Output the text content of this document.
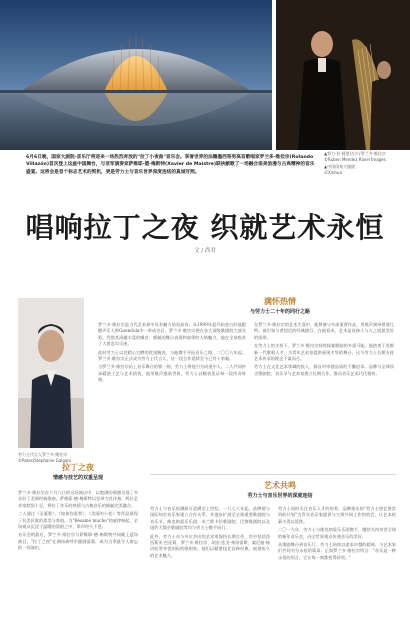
▲努力·拉·阿里(左)与罗兰多·维拉宗
©Ruben Mendez Ravel Images
▲中国国家大剧院
©Xinhua
6月6日晚，国家大剧院-音乐厅将迎来一场热烈奔放的"拉丁小夜曲"音乐会。享誉世界的法籍墨西哥男高音歌唱家罗兰多·维拉宗(Rolando Villazón)首次登上这座中国舞台，与亚军演奏家萨维耶·德·梅斯特(Xavier de Maistre)联袂献歌了一场融合南美浪漫与古典精神的音乐盛宴。这将会是首个标志艺术的契机，更是劳力士与音乐世界深度连结的真诚写照。
唱响拉丁之夜 织就艺术永恒
文 / 尚君
劳力士代言人罗兰多·维拉宗
©Rolex/Stephanie Galgani
满怀热情
与劳力士二十年的同行之路

罗兰多·维拉宗是当代艺术界中具有魅力的男高音。从1999年起开始登台的他跟随声乐大师Guendola中一举成名后，罗兰多·维拉宗便在各大顶级歌剧院大放光彩，凭借其清澈丰富的嗓音、细腻的舞台表现和真挚的人格魅力，他在全球收获了大批忠实乐迷。

此时劳力士以其精心打磨的优质腕表，与他携手开拓音乐之路，二〇〇八年起，罗兰多·维拉宗正式成为劳力士代言人，这一段合作延续至今已有十余载。

当罗兰多·维拉宗站上音乐舞台的那一刻，劳力士将他引为同道中人。二人共同传承精湛工艺与艺术热忱，他用歌声感染世界，劳力士以腕表见证每一段传奇时刻。

在罗兰多·维拉宗的艺术生涯中，他曾参与多部重要作品，用歌声演绎着莫扎特、威尔第与普契尼的经典剧目。在他看来，艺术是连接人与人之间最美好的纽带。

在劳力士的支持下，罗兰多·维拉宗持续探索歌剧的多重可能。他热衷于发掘新一代歌唱人才，为青年艺术家提供展现才华的舞台，这与劳力士长期支持艺术传承的理念不谋而合。

劳力士在文化艺术领域的投入，源自对卓越品质的不懈追求。品牌与全球顶尖歌剧院、音乐节与艺术家建立长期合作，推动音乐艺术代代相传。

拉丁之夜
情感与技艺的双重呈现

罗兰多·维拉宗在六月六日的这场演出中，以饱满的情感呈现了多首拉丁美洲经典歌曲。萨维耶·德·梅斯特以竖琴为其伴奏，两位艺术家默契十足，将拉丁音乐的热情与古典音乐的细腻完美融合。

二人通过《圣诞歌》、《如果你爱我》、《美丽的小花》等作品展现了拉美民歌的柔美与奔放。当"Bésame mucho"的旋律响起，全场观众沉浸于温暖的氛围之中，掌声经久不息。

音乐会的最后，罗兰多·维拉宗与萨维耶·德·梅斯特共同献上返场曲目，"拉丁之夜"在满场欢呼中圆满落幕，成为当季最令人难忘的一场演出。

艺术共鸣
劳力士与音乐世界的深度连结

劳力士与音乐的渊源可追溯至上世纪。一九七六年起，品牌便与国际知名音乐家建立合作关系，并逐步扩展至全球重要歌剧院与音乐节。维也纳爱乐乐团、米兰斯卡拉歌剧院、巴黎歌剧院以及纽约大都会歌剧院等均与劳力士携手同行。

此外，劳力士亦与多位杰出的艺术家保持长期合作，其中包括西西莉亚·芭托莉、罗兰多·维拉宗、胡安·迭戈·弗洛雷斯、索尼娅·杨切娃等享誉国际的歌唱家。他们以精湛技艺诠释经典，展现恒久的艺术魅力。

劳力士同时关注音乐人才的培养。品牌推出的"劳力士创艺推荐资助计划"为青年音乐家提供与大师共同工作的机会，让艺术的薪火得以延续。

二〇一九年，劳力士与维也纳爱乐乐团携手，继续支持享誉全球的新年音乐会，向全世界观众传递音乐的美好。

从歌剧舞台到音乐厅，劳力士始终以追求卓越的精神，与艺术家们共同书写永恒的篇章。正如罗兰多·维拉宗所言："音乐是一种永恒的语言，它让每一刻都变得珍贵。"
